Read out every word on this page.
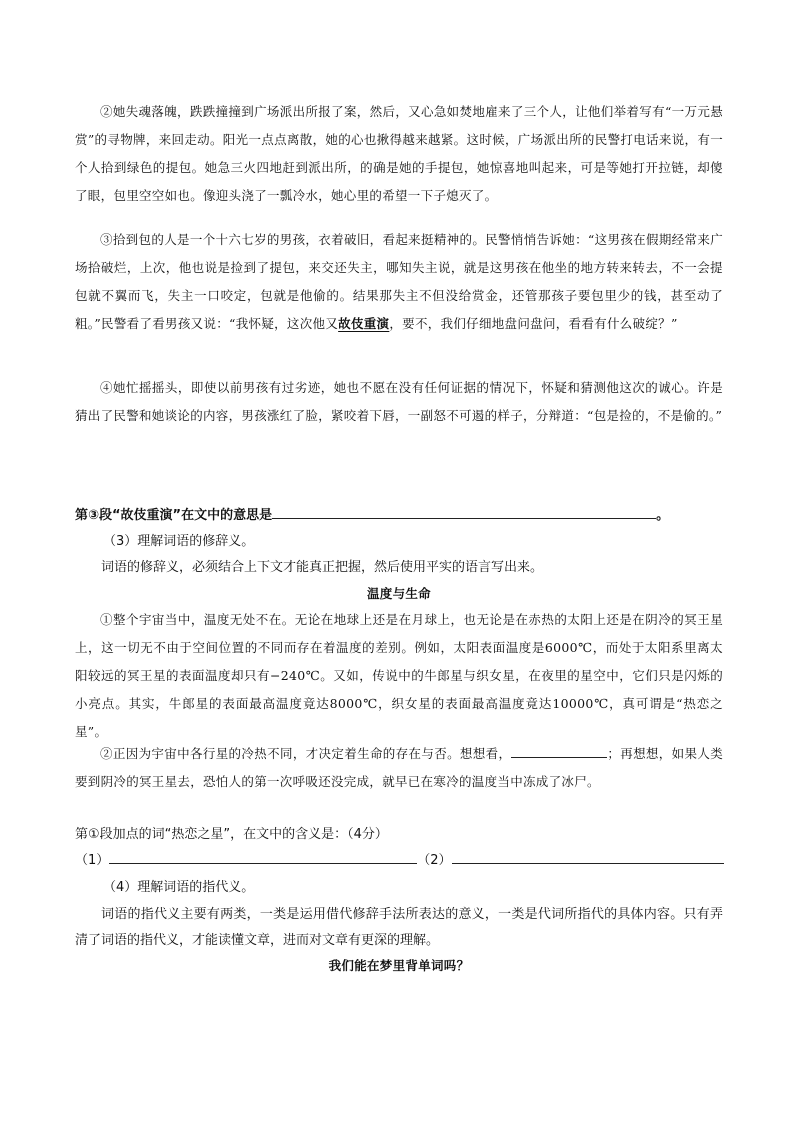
②她失魂落魄，跌跌撞撞到广场派出所报了案，然后，又心急如焚地雇来了三个人，让他们举着写有“一万元悬赏”的寻物牌，来回走动。阳光一点点离散，她的心也揪得越来越紧。这时候，广场派出所的民警打电话来说，有一个人拾到绿色的提包。她急三火四地赶到派出所，的确是她的手提包，她惊喜地叫起来，可是等她打开拉链，却傻了眼，包里空空如也。像迎头浇了一瓢冷水，她心里的希望一下子熄灭了。

③拾到包的人是一个十六七岁的男孩，衣着破旧，看起来挺精神的。民警悄悄告诉她：“这男孩在假期经常来广场拾破烂，上次，他也说是捡到了提包，来交还失主，哪知失主说，就是这男孩在他坐的地方转来转去，不一会提包就不翼而飞，失主一口咬定，包就是他偷的。结果那失主不但没给赏金，还管那孩子要包里少的钱，甚至动了粗。”民警看了看男孩又说：“我怀疑，这次他又故伎重演，要不，我们仔细地盘问盘问，看看有什么破绽？”

④她忙摇摇头，即使以前男孩有过劣迹，她也不愿在没有任何证据的情况下，怀疑和猜测他这次的诚心。许是猜出了民警和她谈论的内容，男孩涨红了脸，紧咬着下唇，一副怒不可遏的样子，分辩道：“包是捡的，不是偷的。”

第③段“故伎重演”在文中的意思是	。
（3）理解词语的修辞义。

词语的修辞义，必须结合上下文才能真正把握，然后使用平实的语言写出来。

温度与生命

①整个宇宙当中，温度无处不在。无论在地球上还是在月球上，也无论是在赤热的太阳上还是在阴冷的冥王星上，这一切无不由于空间位置的不同而存在着温度的差别。例如，太阳表面温度是6000℃，而处于太阳系里离太阳较远的冥王星的表面温度却只有−240℃。又如，传说中的牛郎星与织女星，在夜里的星空中，它们只是闪烁的小亮点。其实，牛郎星的表面最高温度竟达8000℃，织女星的表面最高温度竟达10000℃，真可谓是“热恋之星”。

②正因为宇宙中各行星的冷热不同，才决定着生命的存在与否。想想看，	；再想想，如果人类要到阴冷的冥王星去，恐怕人的第一次呼吸还没完成，就早已在寒冷的温度当中冻成了冰尸。

第①段加点的词“热恋之星”，在文中的含义是：（4分）
（1）	（2）
（4）理解词语的指代义。

词语的指代义主要有两类，一类是运用借代修辞手法所表达的意义，一类是代词所指代的具体内容。只有弄清了词语的指代义，才能读懂文章，进而对文章有更深的理解。

我们能在梦里背单词吗？
